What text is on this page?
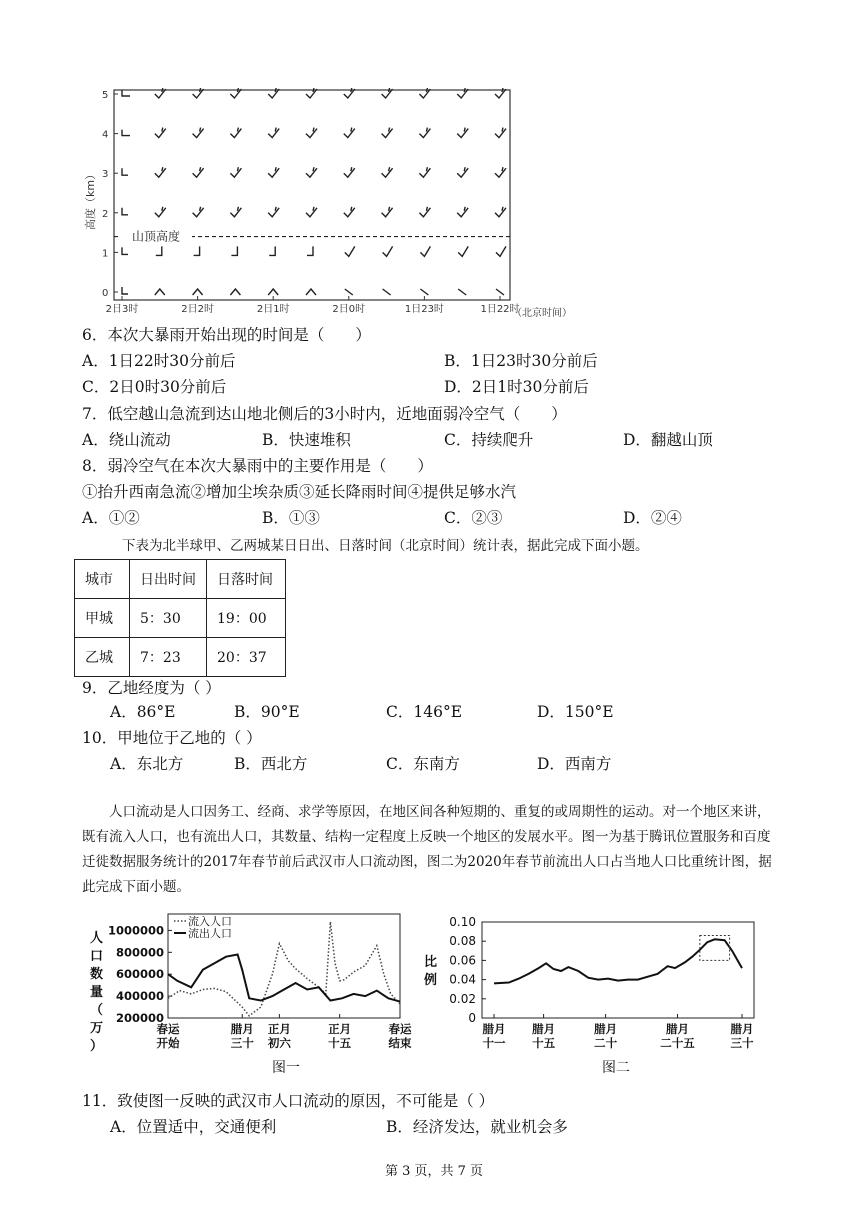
高度（km）
0
1
2
3
4
5
2日3时	2日2时	2日1时	2日0时	1日23时	1日22时
山顶高度
（北京时间）
6．本次大暴雨开始出现的时间是（　　）
A．1日22时30分前后	B．1日23时30分前后
C．2日0时30分前后	D．2日1时30分前后
7．低空越山急流到达山地北侧后的3小时内，近地面弱冷空气（　　）
A．绕山流动	B．快速堆积	C．持续爬升	D．翻越山顶
8．弱冷空气在本次大暴雨中的主要作用是（　　）
①抬升西南急流②增加尘埃杂质③延长降雨时间④提供足够水汽
A．①②	B．①③	C．②③	D．②④
下表为北半球甲、乙两城某日日出、日落时间（北京时间）统计表，据此完成下面小题。
城市	日出时间	日落时间
甲城	5：30	19：00
乙城	7：23	20：37
9．乙地经度为（ ）
A．86°E	B．90°E	C．146°E	D．150°E
10．甲地位于乙地的（ ）
A．东北方	B．西北方	C．东南方	D．西南方
人口流动是人口因务工、经商、求学等原因，在地区间各种短期的、重复的或周期性的运动。对一个地区来讲，既有流入人口，也有流出人口，其数量、结构一定程度上反映一个地区的发展水平。图一为基于腾讯位置服务和百度迁徙数据服务统计的2017年春节前后武汉市人口流动图，图二为2020年春节前流出人口占当地人口比重统计图，据此完成下面小题。
人口数量（万）
200000
400000
600000
800000
1000000
春运
开始
腊月
三十
正月
初六
正月
十五
春运
结束
流入人口
流出人口
图一
比例
0
0.02
0.04
0.06
0.08
0.10
腊月
十一
腊月
十五
腊月
二十
腊月
二十五
腊月
三十
图二
11．致使图一反映的武汉市人口流动的原因，不可能是（ ）
A．位置适中，交通便利	B．经济发达，就业机会多
第 3 页，共 7 页
